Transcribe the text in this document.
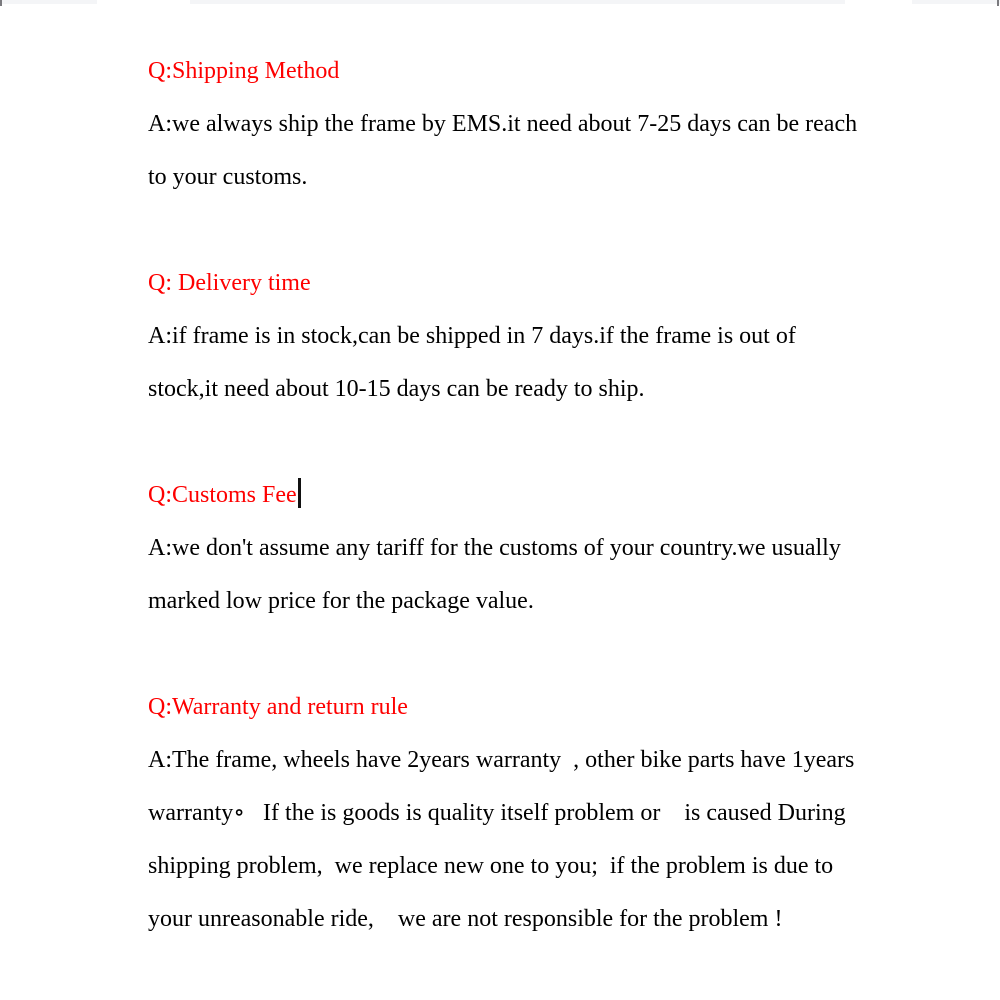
Q:Shipping Method
A:we always ship the frame by EMS.it need about 7-25 days can be reach
to your customs.
Q: Delivery time
A:if frame is in stock,can be shipped in 7 days.if the frame is out of
stock,it need about 10-15 days can be ready to ship.
Q:Customs Fee
A:we don't assume any tariff for the customs of your country.we usually
marked low price for the package value.
Q:Warranty and return rule
A:The frame, wheels have 2years warranty  , other bike parts have 1years
warranty∘   If the is goods is quality itself problem or    is caused During
shipping problem,  we replace new one to you;  if the problem is due to
your unreasonable ride,    we are not responsible for the problem !
